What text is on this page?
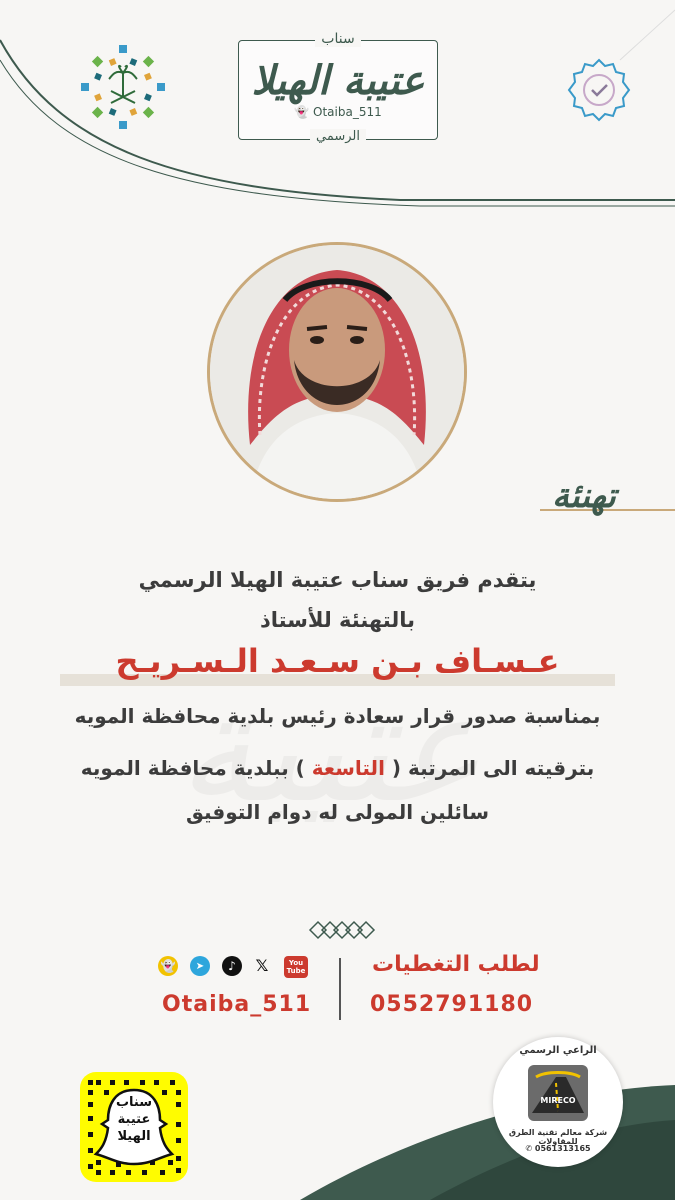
سناب
عتيبة الهيلا
👻 Otaiba_511
الرسمي
تهنئة
يتقدم فريق سناب عتيبة الهيلا الرسمي
بالتهنئة للأستاذ
عـسـاف بـن سـعـد الـسـريـح
بمناسبة صدور قرار سعادة رئيس بلدية محافظة المويه
بترقيته الى المرتبة ( التاسعة ) ببلدية محافظة المويه
سائلين المولى له دوام التوفيق
لطلب التغطيات
0552791180
You Tube
𝕏
♪
➤
👻
Otaiba_511
الراعي الرسمي
MIRECO
شركة معالم تقنية الطرق للمقاولات
✆ 0561313165
سناب
عتيبة
الهيلا
